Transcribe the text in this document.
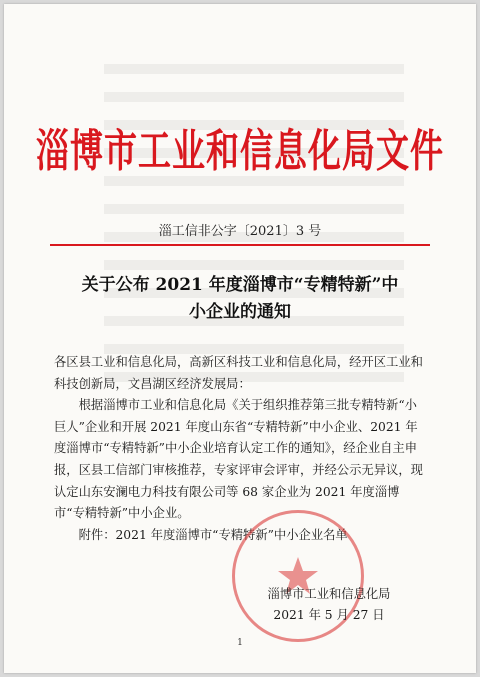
淄博市工业和信息化局文件
淄工信非公字〔2021〕3 号
关于公布 2021 年度淄博市“专精特新”中
小企业的通知

各区县工业和信息化局，高新区科技工业和信息化局，经开区工业和科技创新局，文昌湖区经济发展局：

根据淄博市工业和信息化局《关于组织推荐第三批专精特新“小巨人”企业和开展 2021 年度山东省“专精特新”中小企业、2021 年度淄博市“专精特新”中小企业培育认定工作的通知》，经企业自主申报，区县工信部门审核推荐，专家评审会评审，并经公示无异议，现认定山东安澜电力科技有限公司等 68 家企业为 2021 年度淄博市“专精特新”中小企业。

附件：2021 年度淄博市“专精特新”中小企业名单

淄博市工业和信息化局
2021 年 5 月 27 日
1
